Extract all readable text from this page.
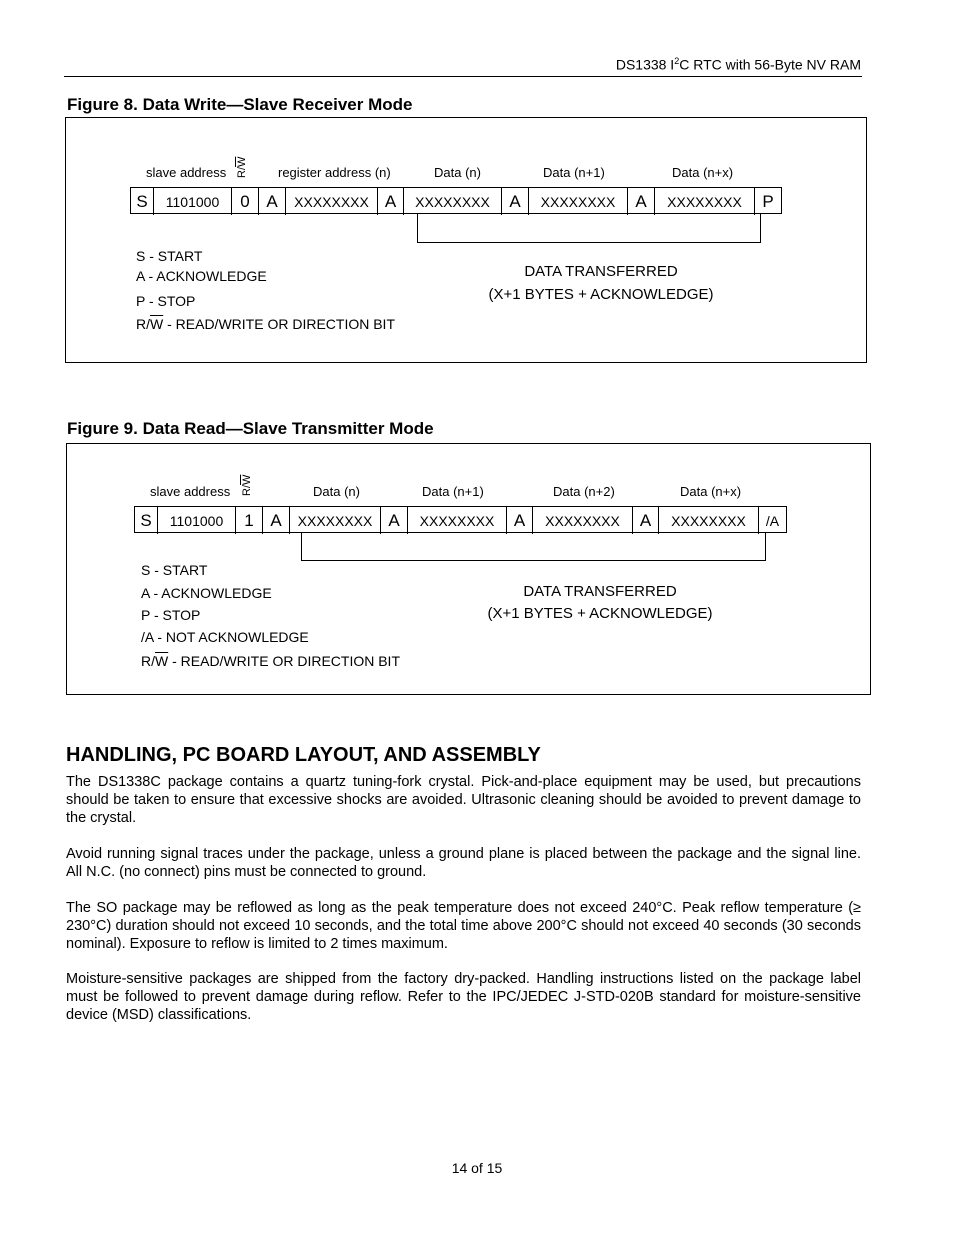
DS1338 $I^2C$ RTC with 56-Byte NV RAM
Figure 8. Data Write—Slave Receiver Mode
slave address $R/\overline{W}$
register address (n)	Data (n)	Data (n+1)	Data (n+x)
S	1101000	0 A	XXXXXXXX A	XXXXXXXX	A	XXXXXXXX	A	XXXXXXXX	P
S - START
A - ACKNOWLEDGE
P - STOP
$R/\overline{W}$ - READ/WRITE OR DIRECTION BIT
DATA TRANSFERRED
(X+1 BYTES + ACKNOWLEDGE)
Figure 9. Data Read—Slave Transmitter Mode
slave address $R/\overline{W}$
Data (n)	Data (n+1)	Data (n+2)	Data (n+x)
S	1101000	1 A	XXXXXXXX A	XXXXXXXX	A	XXXXXXXX	A	XXXXXXXX	/A
S - START
A - ACKNOWLEDGE
P - STOP
/A - NOT ACKNOWLEDGE
$R/\overline{W}$ - READ/WRITE OR DIRECTION BIT
DATA TRANSFERRED
(X+1 BYTES + ACKNOWLEDGE)
HANDLING, PC BOARD LAYOUT, AND ASSEMBLY
The DS1338C package contains a quartz tuning-fork crystal. Pick-and-place equipment may be used, but precautions should be taken to ensure that excessive shocks are avoided. Ultrasonic cleaning should be avoided to prevent damage to the crystal.
Avoid running signal traces under the package, unless a ground plane is placed between the package and the signal line. All N.C. (no connect) pins must be connected to ground.
The SO package may be reflowed as long as the peak temperature does not exceed 240°C. Peak reflow temperature (≥ 230°C) duration should not exceed 10 seconds, and the total time above 200°C should not exceed 40 seconds (30 seconds nominal). Exposure to reflow is limited to 2 times maximum.
Moisture-sensitive packages are shipped from the factory dry-packed. Handling instructions listed on the package label must be followed to prevent damage during reflow. Refer to the IPC/JEDEC J-STD-020B standard for moisture-sensitive device (MSD) classifications.
14 of 15
